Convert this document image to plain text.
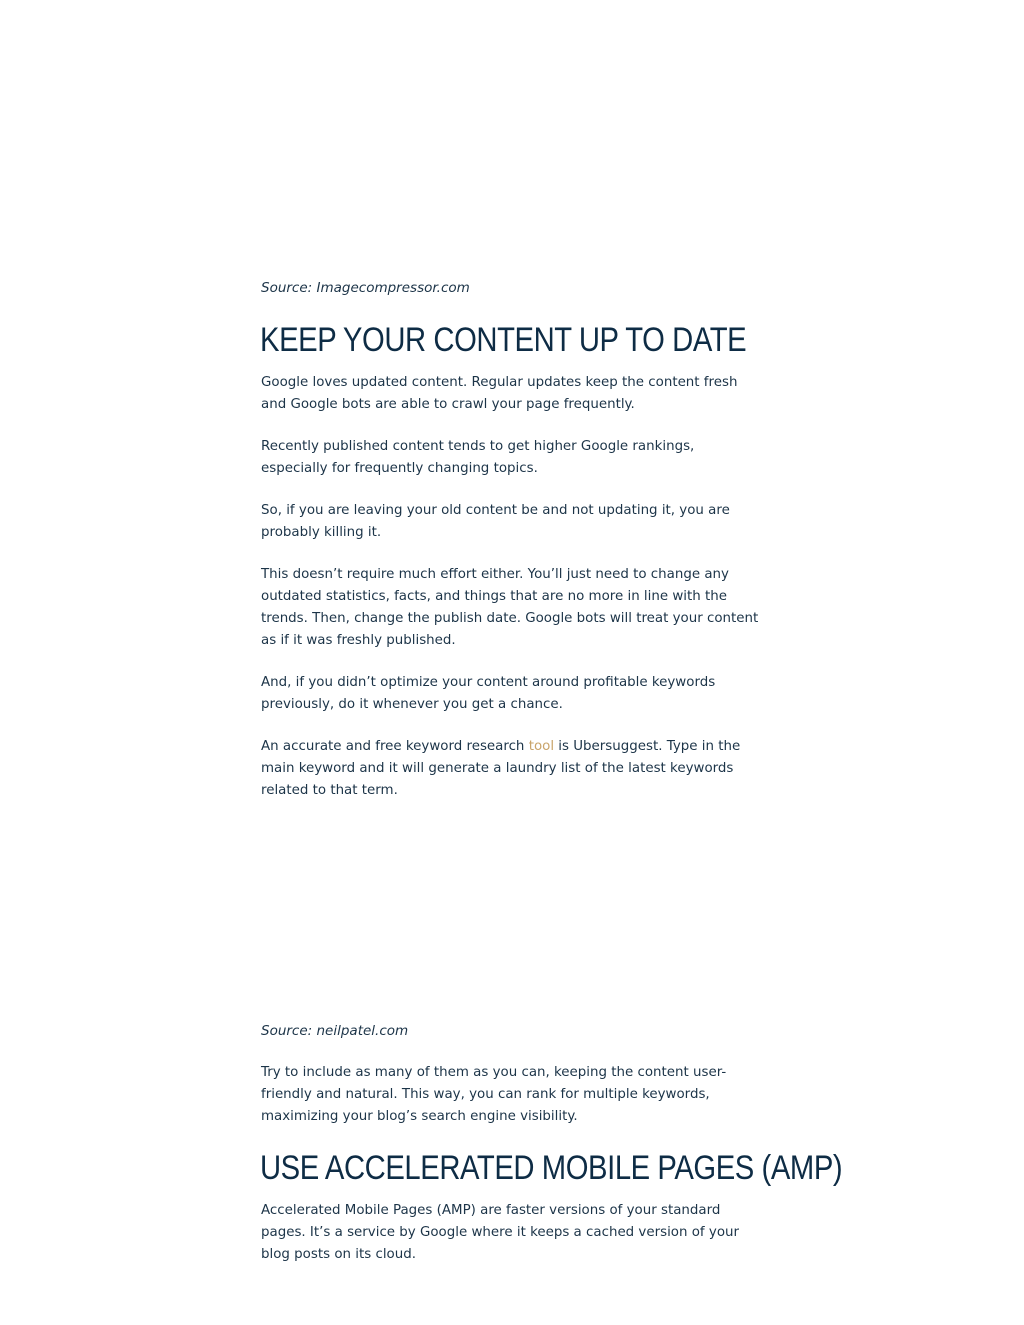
Source: Imagecompressor.com

KEEP YOUR CONTENT UP TO DATE

Google loves updated content. Regular updates keep the content fresh and Google bots are able to crawl your page frequently.

Recently published content tends to get higher Google rankings, especially for frequently changing topics.

So, if you are leaving your old content be and not updating it, you are probably killing it.

This doesn’t require much effort either. You’ll just need to change any outdated statistics, facts, and things that are no more in line with the trends. Then, change the publish date. Google bots will treat your content as if it was freshly published.

And, if you didn’t optimize your content around profitable keywords previously, do it whenever you get a chance.

An accurate and free keyword research tool is Ubersuggest. Type in the main keyword and it will generate a laundry list of the latest keywords related to that term.

Source: neilpatel.com

Try to include as many of them as you can, keeping the content user-friendly and natural. This way, you can rank for multiple keywords, maximizing your blog’s search engine visibility.

USE ACCELERATED MOBILE PAGES (AMP)

Accelerated Mobile Pages (AMP) are faster versions of your standard pages. It’s a service by Google where it keeps a cached version of your blog posts on its cloud.
